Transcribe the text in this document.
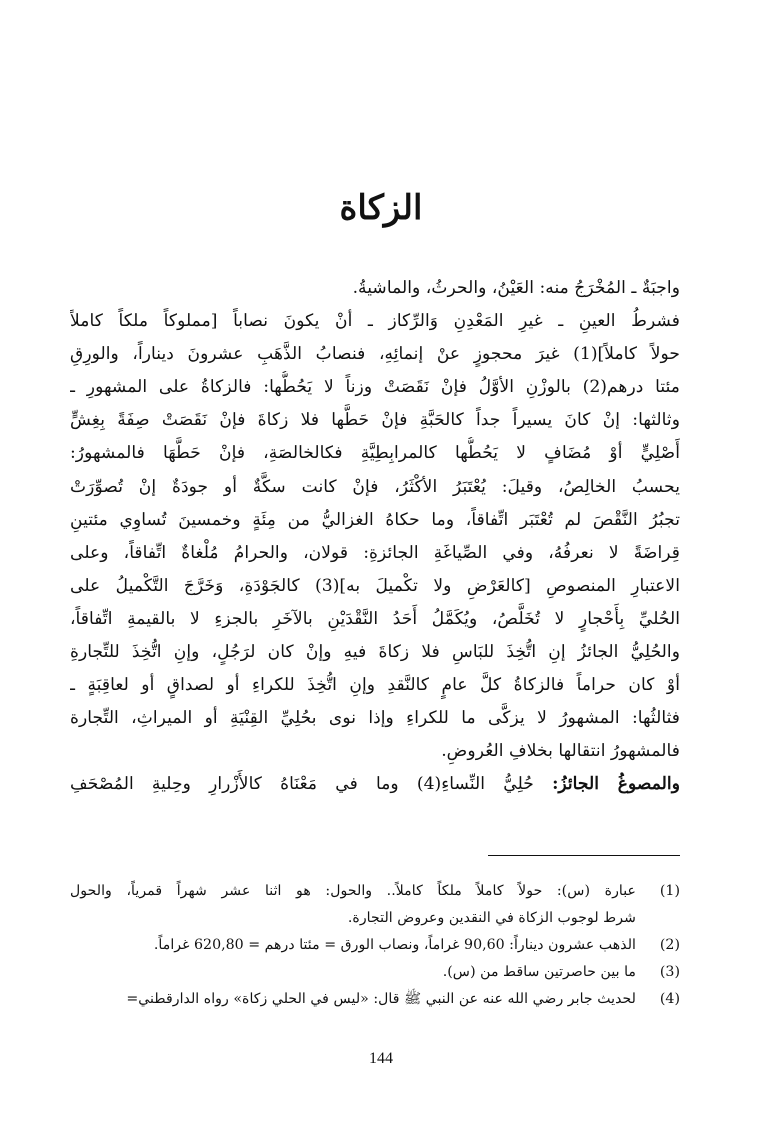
الزكاة
واجبَةٌ ـ المُخْرَجُ منه: العَيْنُ، والحرثُ، والماشيةُ.
فشرطُ العينِ ـ غيرِ المَعْدِنِ وَالرِّكاز ـ أنْ يكونَ نصاباً [مملوكاً ملكاً كاملاً
حولاً كاملاً](1) غيرَ محجوزٍ عنْ إنمائِهِ، فنصابُ الذَّهَبِ عشرونَ ديناراً، والورِقِ
مئتا درهم(2) بالوزْنِ الأوَّلُ فإنْ نَقَصَتْ وزناً لا يَحُطُّها: فالزكاةُ على المشهورِ ـ
وثالثها: إنْ كانَ يسيراً جداً كالحَبَّةِ فإنْ حَطَّها فلا زكاةَ فإنْ نَقَصَتْ صِفَةً بِغِشٍّ
أَصْلِيٍّ أوْ مُضَافٍ لا يَحُطُّها كالمرابِطِيَّةِ فكالخالصَةِ، فإنْ حَطَّهَا فالمشهورُ:
يحسبُ الخالِصُ، وقيلَ: يُعْتَبَرُ الأكْثَرُ، فإنْ كانت سكَّةٌ أو جودَةٌ إنْ تُصوِّرَتْ
تجبُرُ النَّقْصَ لم تُعْتَبَر اتِّفاقاً، وما حكاهُ الغزاليُّ من مِئَةٍ وخمسينَ تُساوِي مئتينِ
قِراضَةً لا نعرفُهُ، وفي الصِّياغَةِ الجائزةِ: قولان، والحرامُ مُلْغاةٌ اتِّفاقاً، وعلى
الاعتبارِ المنصوصِ [كالعَرْضِ ولا تكْميلَ به](3) كالجَوْدَةِ، وَخَرَّجَ التَّكْميلُ على
الحُليِّ بِأَحْجارٍ لا تُخَلَّصُ، ويُكَمَّلُ أَحَدُ النَّقْدَيْنِ بالآخَرِ بالجزءِ لا بالقيمةِ اتِّفاقاً،
والحُلِيُّ الجائزُ إنِ اتُّخِذَ للبَاسِ فلا زكاةَ فيهِ وإنْ كان لرَجُلٍ، وإنِ اتُّخِذَ للتِّجارةِ
أوْ كان حراماً فالزكاةُ كلَّ عامٍ كالنَّقدِ وإنِ اتُّخِذَ للكراءِ أو لصداقٍ أو لعاقِبَةٍ ـ
فثالثُها: المشهورُ لا يزكَّى ما للكراءِ وإذا نوى بحُلِيِّ القِنْيَةِ أو الميراثِ، التِّجارة
فالمشهورُ انتقالها بخلافِ العُروضِ.
والمصوغُ الجائزُ: حُلِيُّ النِّساءِ(4) وما في مَعْنَاهُ كالأَزْرارِ وحِليةِ المُصْحَفِ
(1)
عبارة (س): حولاً كاملاً ملكاً كاملاً.. والحول: هو اثنا عشر شهراً قمرياً، والحول
شرط لوجوب الزكاة في النقدين وعروض التجارة.
(2)
الذهب عشرون ديناراً: 90,60 غراماً، ونصاب الورق = مئتا درهم = 620,80 غراماً.
(3)
ما بين حاصرتين ساقط من (س).
(4)
لحديث جابر رضي الله عنه عن النبي ﷺ قال: «ليس في الحلي زكاة» رواه الدارقطني=
144
